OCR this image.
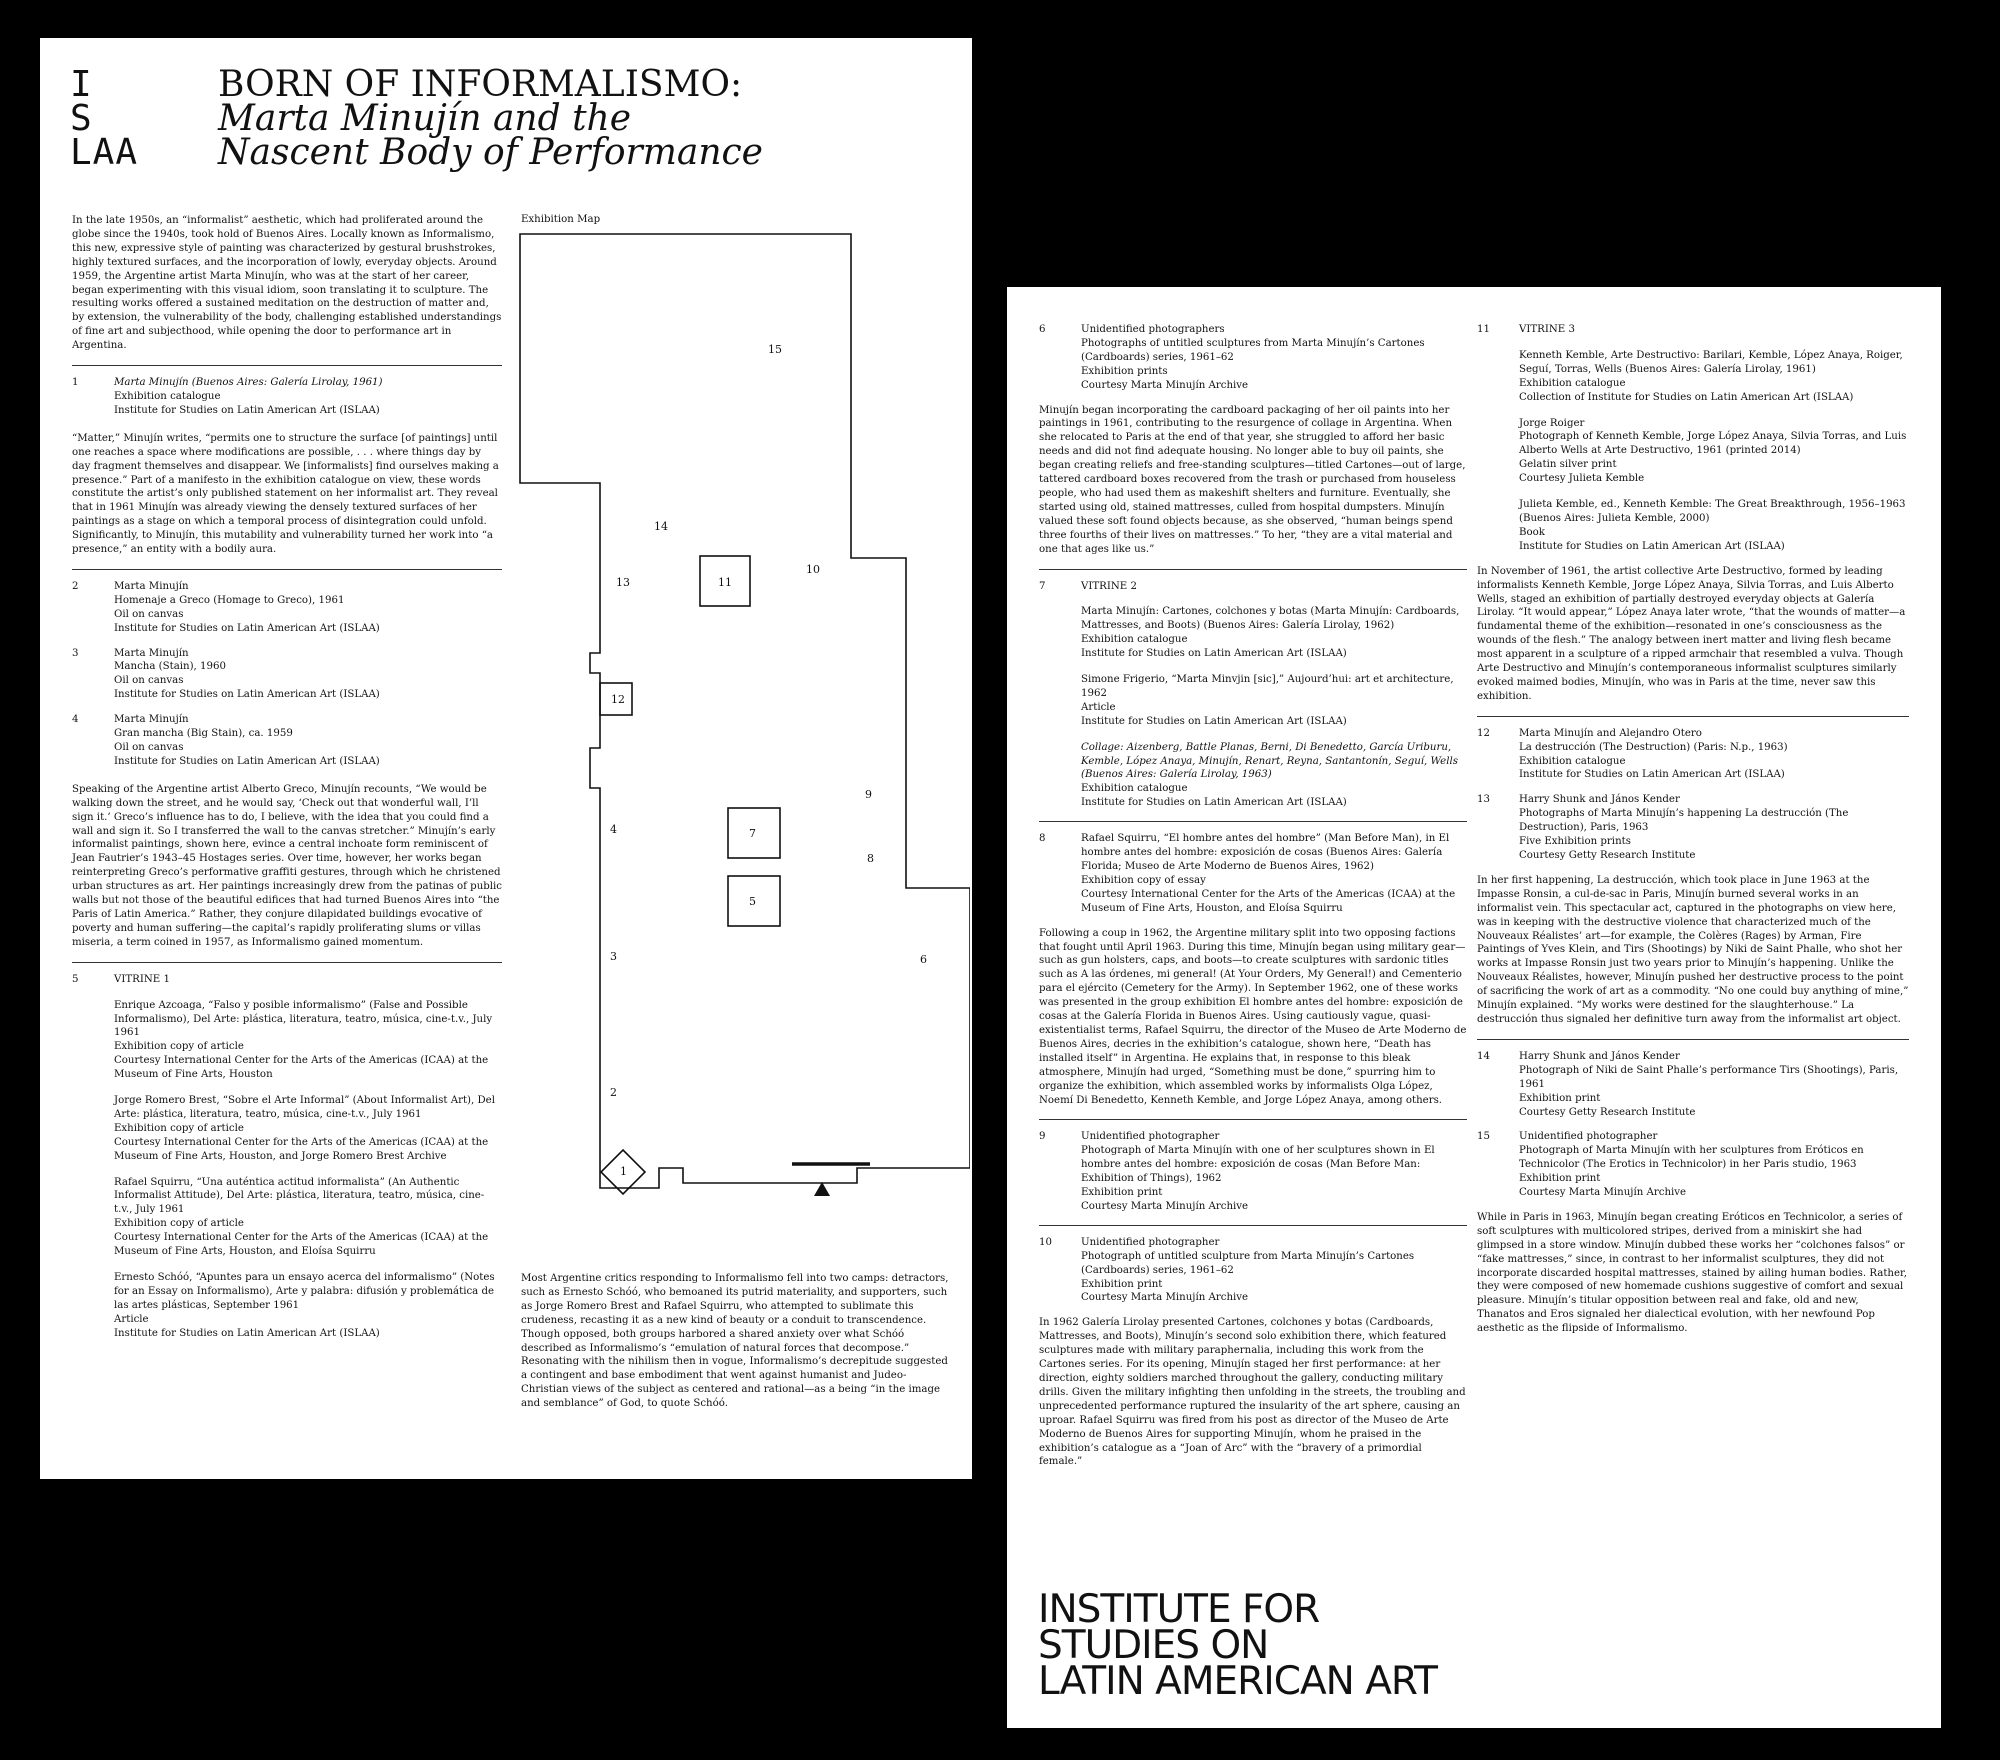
I
S
LAA
BORN OF INFORMALISMO:
Marta Minujín and the
Nascent Body of Performance

In the late 1950s, an “informalist” aesthetic, which had proliferated around the globe since the 1940s, took hold of Buenos Aires. Locally known as Informalismo, this new, expressive style of painting was characterized by gestural brushstrokes, highly textured surfaces, and the incorporation of lowly, everyday objects. Around 1959, the Argentine artist Marta Minujín, who was at the start of her career, began experimenting with this visual idiom, soon translating it to sculpture. The resulting works offered a sustained meditation on the destruction of matter and, by extension, the vulnerability of the body, challenging established understandings of fine art and subjecthood, while opening the door to performance art in Argentina.

1	Marta Minujín (Buenos Aires: Galería Lirolay, 1961)
Exhibition catalogue
Institute for Studies on Latin American Art (ISLAA)

“Matter,” Minujín writes, “permits one to structure the surface [of paintings] until one reaches a space where modifications are possible, . . . where things day by day fragment themselves and disappear. We [informalists] find ourselves making a presence.” Part of a manifesto in the exhibition catalogue on view, these words constitute the artist’s only published statement on her informalist art. They reveal that in 1961 Minujín was already viewing the densely textured surfaces of her paintings as a stage on which a temporal process of disintegration could unfold. Significantly, to Minujín, this mutability and vulnerability turned her work into “a presence,” an entity with a bodily aura.

2	Marta Minujín
Homenaje a Greco (Homage to Greco), 1961
Oil on canvas
Institute for Studies on Latin American Art (ISLAA)
3	Marta Minujín
Mancha (Stain), 1960
Oil on canvas
Institute for Studies on Latin American Art (ISLAA)
4	Marta Minujín
Gran mancha (Big Stain), ca. 1959
Oil on canvas
Institute for Studies on Latin American Art (ISLAA)

Speaking of the Argentine artist Alberto Greco, Minujín recounts, “We would be walking down the street, and he would say, ‘Check out that wonderful wall, I’ll sign it.’ Greco’s influence has to do, I believe, with the idea that you could find a wall and sign it. So I transferred the wall to the canvas stretcher.” Minujín’s early informalist paintings, shown here, evince a central inchoate form reminiscent of Jean Fautrier’s 1943–45 Hostages series. Over time, however, her works began reinterpreting Greco’s performative graffiti gestures, through which he christened urban structures as art. Her paintings increasingly drew from the patinas of public walls but not those of the beautiful edifices that had turned Buenos Aires into “the Paris of Latin America.” Rather, they conjure dilapidated buildings evocative of poverty and human suffering—the capital’s rapidly proliferating slums or villas miseria, a term coined in 1957, as Informalismo gained momentum.

5	VITRINE 1
Enrique Azcoaga, “Falso y posible informalismo” (False and Possible Informalismo), Del Arte: plástica, literatura, teatro, música, cine-t.v., July 1961
Exhibition copy of article
Courtesy International Center for the Arts of the Americas (ICAA) at the Museum of Fine Arts, Houston
Jorge Romero Brest, “Sobre el Arte Informal” (About Informalist Art), Del Arte: plástica, literatura, teatro, música, cine-t.v., July 1961
Exhibition copy of article
Courtesy International Center for the Arts of the Americas (ICAA) at the Museum of Fine Arts, Houston, and Jorge Romero Brest Archive
Rafael Squirru, “Una auténtica actitud informalista” (An Authentic Informalist Attitude), Del Arte: plástica, literatura, teatro, música, cine-t.v., July 1961
Exhibition copy of article
Courtesy International Center for the Arts of the Americas (ICAA) at the Museum of Fine Arts, Houston, and Eloísa Squirru
Ernesto Schóó, “Apuntes para un ensayo acerca del informalismo” (Notes for an Essay on Informalismo), Arte y palabra: difusión y problemática de las artes plásticas, September 1961
Article
Institute for Studies on Latin American Art (ISLAA)
Exhibition Map
15
14
13	11
10
12
9
4	7
8
5
3	6
2
1

Most Argentine critics responding to Informalismo fell into two camps: detractors, such as Ernesto Schóó, who bemoaned its putrid materiality, and supporters, such as Jorge Romero Brest and Rafael Squirru, who attempted to sublimate this crudeness, recasting it as a new kind of beauty or a conduit to transcendence. Though opposed, both groups harbored a shared anxiety over what Schóó described as Informalismo’s “emulation of natural forces that decompose.” Resonating with the nihilism then in vogue, Informalismo’s decrepitude suggested a contingent and base embodiment that went against humanist and Judeo-Christian views of the subject as centered and rational—as a being “in the image and semblance” of God, to quote Schóó.

6	Unidentified photographers
Photographs of untitled sculptures from Marta Minujín’s Cartones (Cardboards) series, 1961–62
Exhibition prints
Courtesy Marta Minujín Archive

Minujín began incorporating the cardboard packaging of her oil paints into her paintings in 1961, contributing to the resurgence of collage in Argentina. When she relocated to Paris at the end of that year, she struggled to afford her basic needs and did not find adequate housing. No longer able to buy oil paints, she began creating reliefs and free-standing sculptures—titled Cartones—out of large, tattered cardboard boxes recovered from the trash or purchased from houseless people, who had used them as makeshift shelters and furniture. Eventually, she started using old, stained mattresses, culled from hospital dumpsters. Minujín valued these soft found objects because, as she observed, “human beings spend three fourths of their lives on mattresses.” To her, “they are a vital material and one that ages like us.”

7	VITRINE 2
Marta Minujín: Cartones, colchones y botas (Marta Minujín: Cardboards, Mattresses, and Boots) (Buenos Aires: Galería Lirolay, 1962)
Exhibition catalogue
Institute for Studies on Latin American Art (ISLAA)
Simone Frigerio, “Marta Minvjin [sic],” Aujourd’hui: art et architecture, 1962
Article
Institute for Studies on Latin American Art (ISLAA)
Collage: Aizenberg, Battle Planas, Berni, Di Benedetto, García Uriburu, Kemble, López Anaya, Minujín, Renart, Reyna, Santantonín, Seguí, Wells (Buenos Aires: Galería Lirolay, 1963)
Exhibition catalogue
Institute for Studies on Latin American Art (ISLAA)
8	Rafael Squirru, “El hombre antes del hombre” (Man Before Man), in El hombre antes del hombre: exposición de cosas (Buenos Aires: Galería Florida; Museo de Arte Moderno de Buenos Aires, 1962)
Exhibition copy of essay
Courtesy International Center for the Arts of the Americas (ICAA) at the Museum of Fine Arts, Houston, and Eloísa Squirru

Following a coup in 1962, the Argentine military split into two opposing factions that fought until April 1963. During this time, Minujín began using military gear—such as gun holsters, caps, and boots—to create sculptures with sardonic titles such as A las órdenes, mi general! (At Your Orders, My General!) and Cementerio para el ejército (Cemetery for the Army). In September 1962, one of these works was presented in the group exhibition El hombre antes del hombre: exposición de cosas at the Galería Florida in Buenos Aires. Using cautiously vague, quasi-existentialist terms, Rafael Squirru, the director of the Museo de Arte Moderno de Buenos Aires, decries in the exhibition’s catalogue, shown here, “Death has installed itself” in Argentina. He explains that, in response to this bleak atmosphere, Minujín had urged, “Something must be done,” spurring him to organize the exhibition, which assembled works by informalists Olga López, Noemí Di Benedetto, Kenneth Kemble, and Jorge López Anaya, among others.

9	Unidentified photographer
Photograph of Marta Minujín with one of her sculptures shown in El hombre antes del hombre: exposición de cosas (Man Before Man: Exhibition of Things), 1962
Exhibition print
Courtesy Marta Minujín Archive
10	Unidentified photographer
Photograph of untitled sculpture from Marta Minujín’s Cartones (Cardboards) series, 1961–62
Exhibition print
Courtesy Marta Minujín Archive

In 1962 Galería Lirolay presented Cartones, colchones y botas (Cardboards, Mattresses, and Boots), Minujín’s second solo exhibition there, which featured sculptures made with military paraphernalia, including this work from the Cartones series. For its opening, Minujín staged her first performance: at her direction, eighty soldiers marched throughout the gallery, conducting military drills. Given the military infighting then unfolding in the streets, the troubling and unprecedented performance ruptured the insularity of the art sphere, causing an uproar. Rafael Squirru was fired from his post as director of the Museo de Arte Moderno de Buenos Aires for supporting Minujín, whom he praised in the exhibition’s catalogue as a “Joan of Arc” with the “bravery of a primordial female.”

11	VITRINE 3
Kenneth Kemble, Arte Destructivo: Barilari, Kemble, López Anaya, Roiger, Seguí, Torras, Wells (Buenos Aires: Galería Lirolay, 1961)
Exhibition catalogue
Collection of Institute for Studies on Latin American Art (ISLAA)
Jorge Roiger
Photograph of Kenneth Kemble, Jorge López Anaya, Silvia Torras, and Luis Alberto Wells at Arte Destructivo, 1961 (printed 2014)
Gelatin silver print
Courtesy Julieta Kemble
Julieta Kemble, ed., Kenneth Kemble: The Great Breakthrough, 1956–1963 (Buenos Aires: Julieta Kemble, 2000)
Book
Institute for Studies on Latin American Art (ISLAA)

In November of 1961, the artist collective Arte Destructivo, formed by leading informalists Kenneth Kemble, Jorge López Anaya, Silvia Torras, and Luis Alberto Wells, staged an exhibition of partially destroyed everyday objects at Galería Lirolay. “It would appear,” López Anaya later wrote, “that the wounds of matter—a fundamental theme of the exhibition—resonated in one’s consciousness as the wounds of the flesh.” The analogy between inert matter and living flesh became most apparent in a sculpture of a ripped armchair that resembled a vulva. Though Arte Destructivo and Minujín’s contemporaneous informalist sculptures similarly evoked maimed bodies, Minujín, who was in Paris at the time, never saw this exhibition.

12	Marta Minujín and Alejandro Otero
La destrucción (The Destruction) (Paris: N.p., 1963)
Exhibition catalogue
Institute for Studies on Latin American Art (ISLAA)
13	Harry Shunk and János Kender
Photographs of Marta Minujín’s happening La destrucción (The Destruction), Paris, 1963
Five Exhibition prints
Courtesy Getty Research Institute

In her first happening, La destrucción, which took place in June 1963 at the Impasse Ronsin, a cul-de-sac in Paris, Minujín burned several works in an informalist vein. This spectacular act, captured in the photographs on view here, was in keeping with the destructive violence that characterized much of the Nouveaux Réalistes’ art—for example, the Colères (Rages) by Arman, Fire Paintings of Yves Klein, and Tirs (Shootings) by Niki de Saint Phalle, who shot her works at Impasse Ronsin just two years prior to Minujín’s happening. Unlike the Nouveaux Réalistes, however, Minujín pushed her destructive process to the point of sacrificing the work of art as a commodity. “No one could buy anything of mine,” Minujín explained. “My works were destined for the slaughterhouse.” La destrucción thus signaled her definitive turn away from the informalist art object.

14	Harry Shunk and János Kender
Photograph of Niki de Saint Phalle’s performance Tirs (Shootings), Paris, 1961
Exhibition print
Courtesy Getty Research Institute
15	Unidentified photographer
Photograph of Marta Minujín with her sculptures from Eróticos en Technicolor (The Erotics in Technicolor) in her Paris studio, 1963
Exhibition print
Courtesy Marta Minujín Archive

While in Paris in 1963, Minujín began creating Eróticos en Technicolor, a series of soft sculptures with multicolored stripes, derived from a miniskirt she had glimpsed in a store window. Minujín dubbed these works her “colchones falsos” or “fake mattresses,” since, in contrast to her informalist sculptures, they did not incorporate discarded hospital mattresses, stained by ailing human bodies. Rather, they were composed of new homemade cushions suggestive of comfort and sexual pleasure. Minujín’s titular opposition between real and fake, old and new, Thanatos and Eros signaled her dialectical evolution, with her newfound Pop aesthetic as the flipside of Informalismo.

INSTITUTE FOR
STUDIES ON
LATIN AMERICAN ART
